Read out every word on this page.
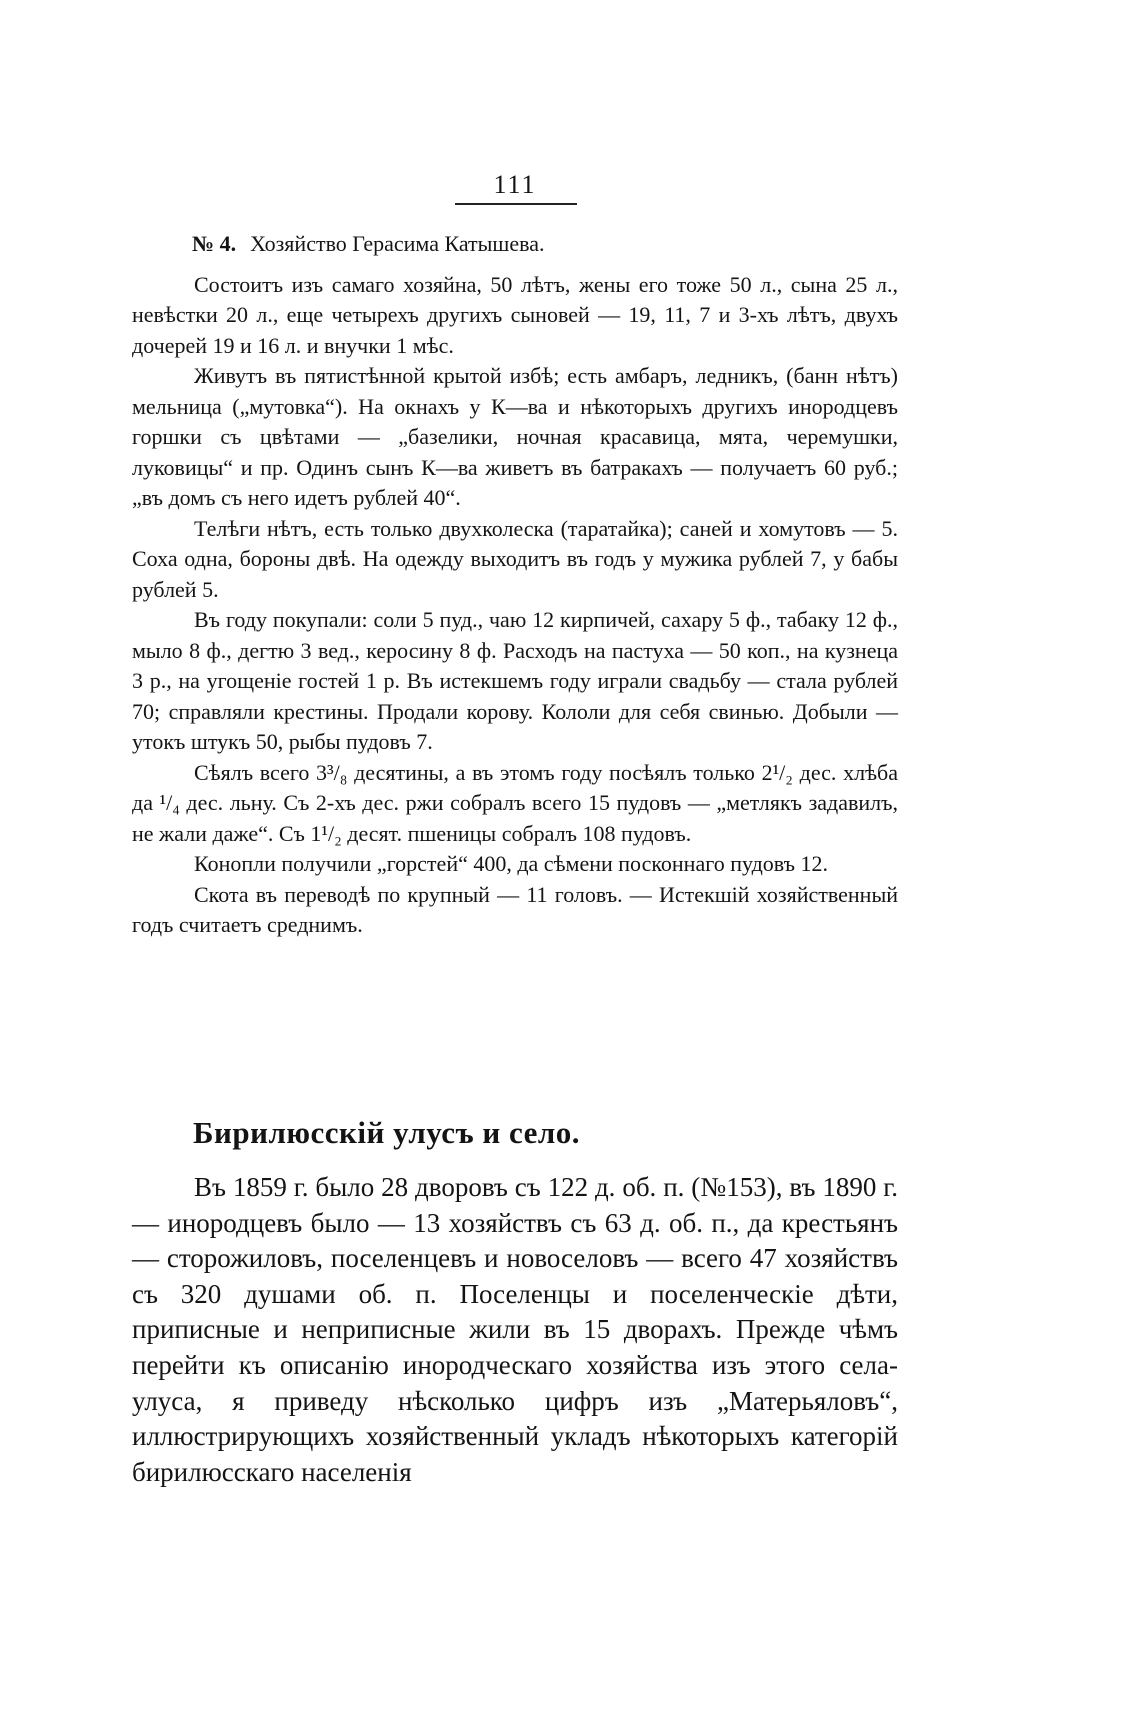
111

№ 4. Хозяйство Герасима Катышева.

Состоитъ изъ самаго хозяйна, 50 лѣтъ, жены его тоже 50 л., сына 25 л., невѣстки 20 л., еще четырехъ другихъ сыновей — 19, 11, 7 и 3-хъ лѣтъ, двухъ дочерей 19 и 16 л. и внучки 1 мѣс.

Живутъ въ пятистѣнной крытой избѣ; есть амбаръ, ледникъ, (банн нѣтъ) мельница („мутовка“). На окнахъ у К—ва и нѣкоторыхъ другихъ инородцевъ горшки съ цвѣтами — „базелики, ночная красавица, мята, черемушки, луковицы“ и пр. Одинъ сынъ К—ва живетъ въ батракахъ — получаетъ 60 руб.; „въ домъ съ него идетъ рублей 40“.

Телѣги нѣтъ, есть только двухколеска (таратайка); саней и хомутовъ — 5. Соха одна, бороны двѣ. На одежду выходитъ въ годъ у мужика рублей 7, у бабы рублей 5.

Въ году покупали: соли 5 пуд., чаю 12 кирпичей, сахару 5 ф., табаку 12 ф., мыло 8 ф., дегтю 3 вед., керосину 8 ф. Расходъ на пастуха — 50 коп., на кузнеца 3 р., на угощеніе гостей 1 р. Въ истекшемъ году играли свадьбу — стала рублей 70; справляли крестины. Продали корову. Кололи для себя свинью. Добыли — утокъ штукъ 50, рыбы пудовъ 7.

Сѣялъ всего 3³/₈ десятины, а въ этомъ году посѣялъ только 2¹/₂ дес. хлѣба да ¹/₄ дес. льну. Съ 2-хъ дес. ржи собралъ всего 15 пудовъ — „метлякъ задавилъ, не жали даже“. Съ 1¹/₂ десят. пшеницы собралъ 108 пудовъ.

Конопли получили „горстей“ 400, да сѣмени посконнаго пудовъ 12.

Скота въ переводѣ по крупный — 11 головъ. — Истекшій хозяйственный годъ считаетъ среднимъ.

Бирилюсскій улусъ и село.

Въ 1859 г. было 28 дворовъ съ 122 д. об. п. (№153), въ 1890 г. — инородцевъ было — 13 хозяйствъ съ 63 д. об. п., да крестьянъ — сторожиловъ, поселенцевъ и новоселовъ — всего 47 хозяйствъ съ 320 душами об. п. Поселенцы и поселенческіе дѣти, приписные и неприписные жили въ 15 дворахъ. Прежде чѣмъ перейти къ описанію инородческаго хозяйства изъ этого села-улуса, я приведу нѣсколько цифръ изъ „Матерьяловъ“, иллюстрирующихъ хозяйственный укладъ нѣкоторыхъ категорій бирилюсскаго населенія
